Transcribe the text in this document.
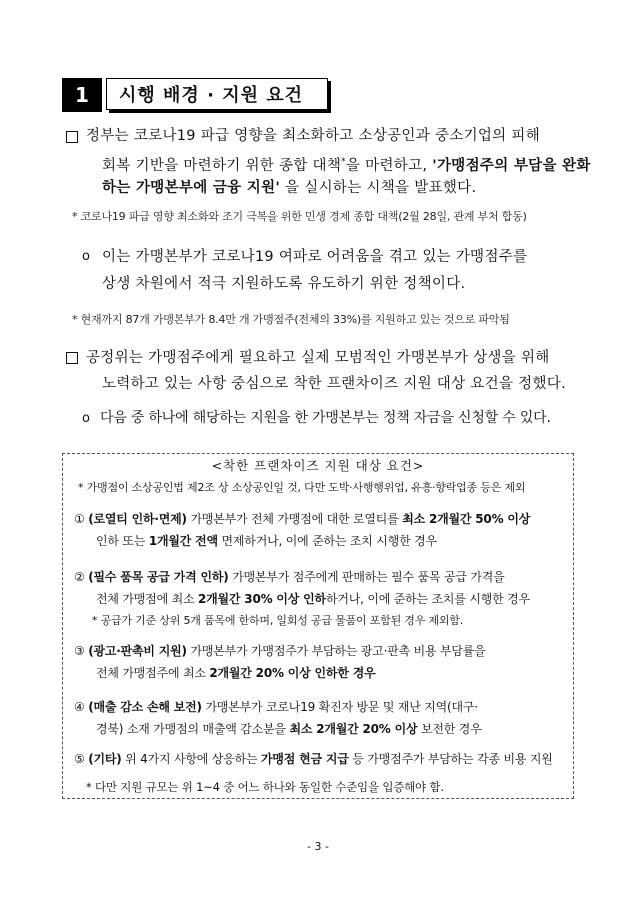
1	시행 배경 · 지원 요건
정부는 코로나19 파급 영향을 최소화하고 소상공인과 중소기업의 피해
회복 기반을 마련하기 위한 종합 대책*을 마련하고, '가맹점주의 부담을 완화
하는 가맹본부에 금융 지원' 을 실시하는 시책을 발표했다.
* 코로나19 파급 영향 최소화와 조기 극복을 위한 민생 경제 종합 대책(2월 28일, 관계 부처 합동)
o 이는 가맹본부가 코로나19 여파로 어려움을 겪고 있는 가맹점주를
상생 차원에서 적극 지원하도록 유도하기 위한 정책이다.
* 현재까지 87개 가맹본부가 8.4만 개 가맹점주(전체의 33%)를 지원하고 있는 것으로 파악됨
공정위는 가맹점주에게 필요하고 실제 모범적인 가맹본부가 상생을 위해
노력하고 있는 사항 중심으로 착한 프랜차이즈 지원 대상 요건을 정했다.
o 다음 중 하나에 해당하는 지원을 한 가맹본부는 정책 자금을 신청할 수 있다.
<착한 프랜차이즈 지원 대상 요건>
* 가맹점이 소상공인법 제2조 상 소상공인일 것, 다만 도박·사행행위업, 유흥·향락업종 등은 제외
① (로열티 인하·면제) 가맹본부가 전체 가맹점에 대한 로열티를 최소 2개월간 50% 이상
인하 또는 1개월간 전액 면제하거나, 이에 준하는 조치 시행한 경우
② (필수 품목 공급 가격 인하) 가맹본부가 점주에게 판매하는 필수 품목 공급 가격을
전체 가맹점에 최소 2개월간 30% 이상 인하하거나, 이에 준하는 조치를 시행한 경우
* 공급가 기준 상위 5개 품목에 한하며, 일회성 공급 물품이 포함된 경우 제외함.
③ (광고·판촉비 지원) 가맹본부가 가맹점주가 부담하는 광고·판촉 비용 부담률을
전체 가맹점주에 최소 2개월간 20% 이상 인하한 경우
④ (매출 감소 손해 보전) 가맹본부가 코로나19 확진자 방문 및 재난 지역(대구·
경북) 소재 가맹점의 매출액 감소분을 최소 2개월간 20% 이상 보전한 경우
⑤ (기타) 위 4가지 사항에 상응하는 가맹점 현금 지급 등 가맹점주가 부담하는 각종 비용 지원
* 다만 지원 규모는 위 1~4 중 어느 하나와 동일한 수준임을 입증해야 함.
- 3 -
